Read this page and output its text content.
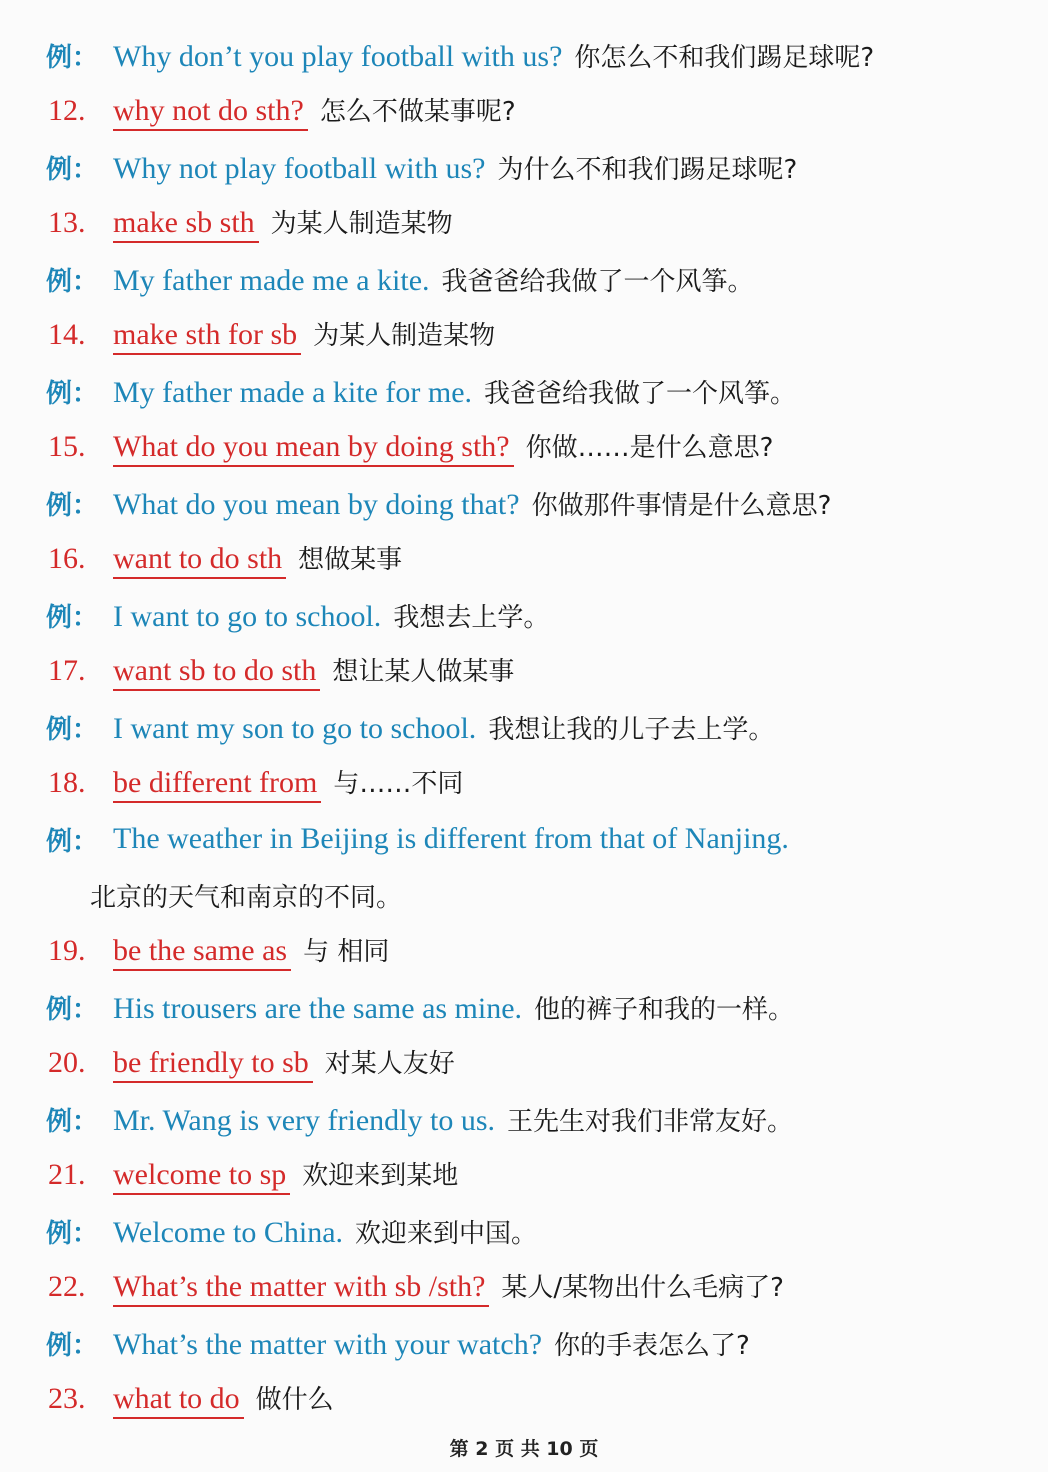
例： Why don’t you play football with us? 你怎么不和我们踢足球呢?
12. why not do sth? 怎么不做某事呢?
例： Why not play football with us? 为什么不和我们踢足球呢?
13. make sb sth 为某人制造某物
例： My father made me a kite. 我爸爸给我做了一个风筝。
14. make sth for sb 为某人制造某物
例： My father made a kite for me. 我爸爸给我做了一个风筝。
15. What do you mean by doing sth? 你做……是什么意思?
例： What do you mean by doing that? 你做那件事情是什么意思?
16. want to do sth 想做某事
例： I want to go to school. 我想去上学。
17. want sb to do sth 想让某人做某事
例： I want my son to go to school. 我想让我的儿子去上学。
18. be different from 与……不同
例： The weather in Beijing is different from that of Nanjing.
北京的天气和南京的不同。
19. be the same as 与 相同
例： His trousers are the same as mine. 他的裤子和我的一样。
20. be friendly to sb 对某人友好
例： Mr. Wang is very friendly to us. 王先生对我们非常友好。
21. welcome to sp 欢迎来到某地
例： Welcome to China. 欢迎来到中国。
22. What’s the matter with sb /sth? 某人/某物出什么毛病了?
例： What’s the matter with your watch? 你的手表怎么了?
23. what to do 做什么
第 2 页 共 10 页
